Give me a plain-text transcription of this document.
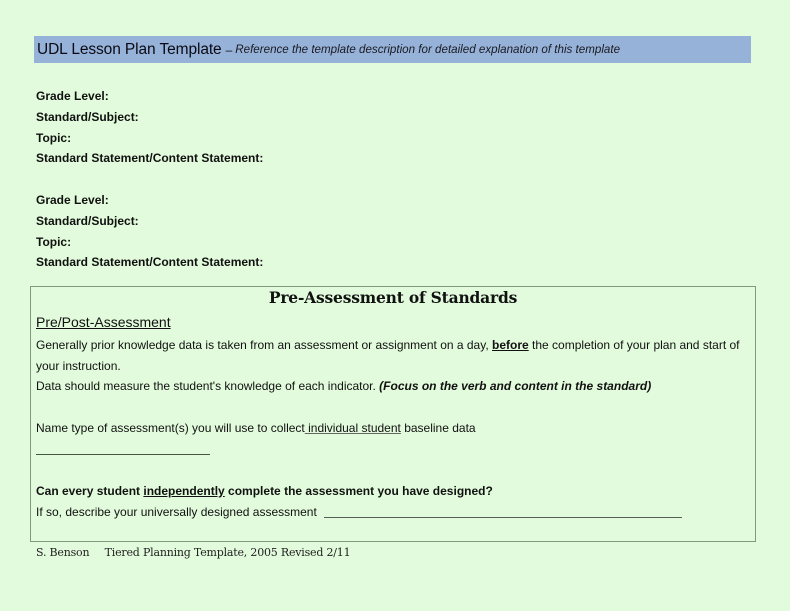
UDL Lesson Plan Template – Reference the template description for detailed explanation of this template
Grade Level:
Standard/Subject:
Topic:
Standard Statement/Content Statement:
Grade Level:
Standard/Subject:
Topic:
Standard Statement/Content Statement:
Pre-Assessment of Standards
Pre/Post-Assessment
Generally prior knowledge data is taken from an assessment or assignment on a day, before the completion of your plan and start of
your instruction.
Data should measure the student's knowledge of each indicator. (Focus on the verb and content in the standard)
Name type of assessment(s) you will use to collect individual student baseline data
Can every student independently complete the assessment you have designed?
If so, describe your universally designed assessment
S. Benson Tiered Planning Template, 2005 Revised 2/11
